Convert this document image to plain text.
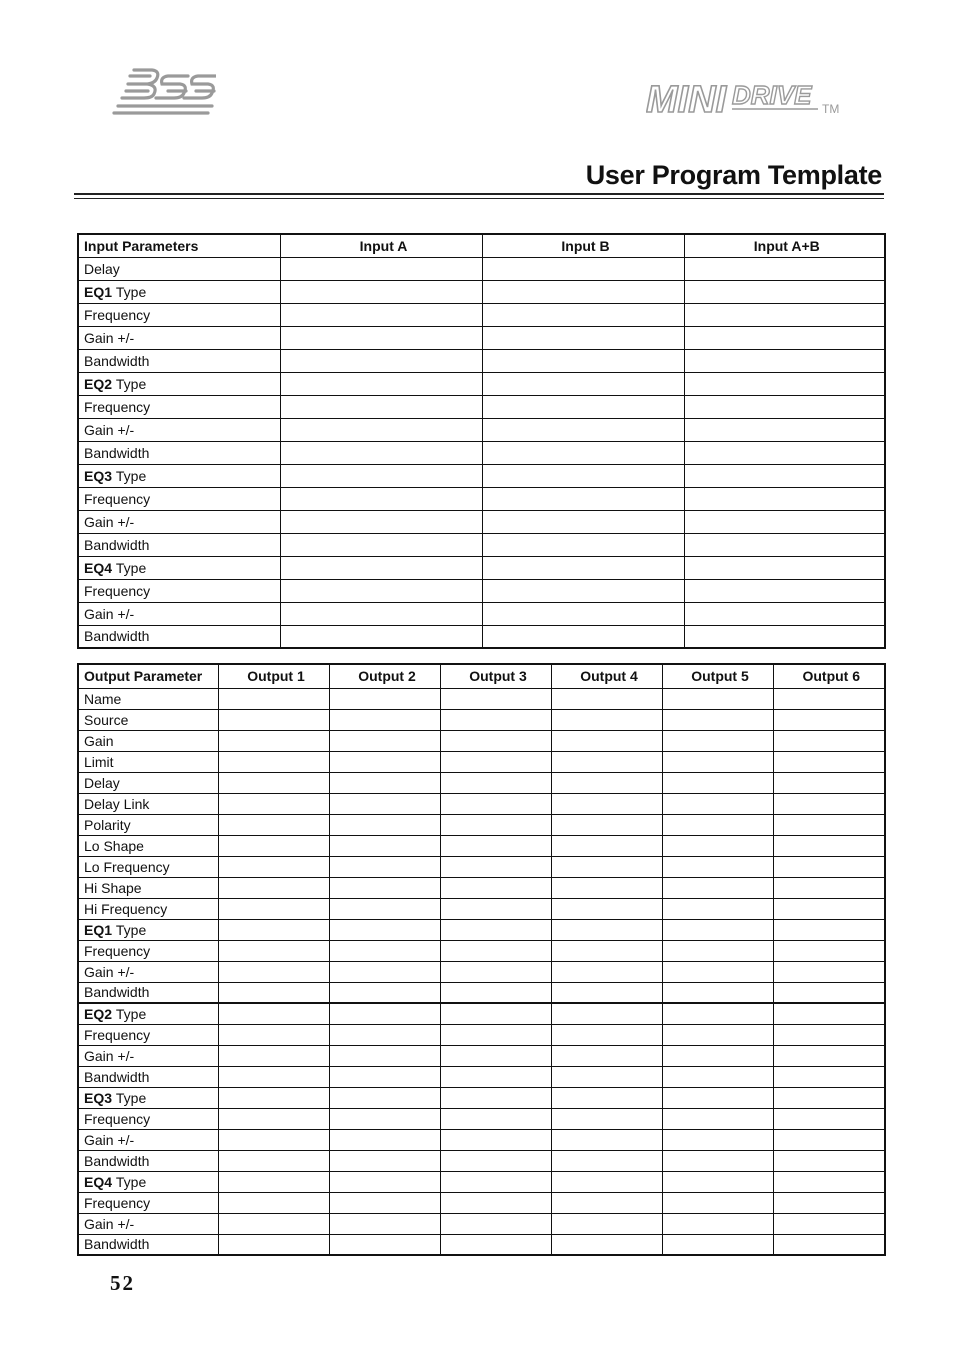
MINI DRIVE TM
User Program Template
Input Parameters	Input A	Input B	Input A+B
Delay			
EQ1 Type			
Frequency			
Gain +/-			
Bandwidth			
EQ2 Type			
Frequency			
Gain +/-			
Bandwidth			
EQ3 Type			
Frequency			
Gain +/-			
Bandwidth			
EQ4 Type			
Frequency			
Gain +/-			
Bandwidth			
Output Parameter	Output 1	Output 2	Output 3	Output 4	Output 5	Output 6
Name						
Source						
Gain						
Limit						
Delay						
Delay Link						
Polarity						
Lo Shape						
Lo Frequency						
Hi Shape						
Hi Frequency						
EQ1 Type						
Frequency						
Gain +/-						
Bandwidth						
EQ2 Type						
Frequency						
Gain +/-						
Bandwidth						
EQ3 Type						
Frequency						
Gain +/-						
Bandwidth						
EQ4 Type						
Frequency						
Gain +/-						
Bandwidth						
52
